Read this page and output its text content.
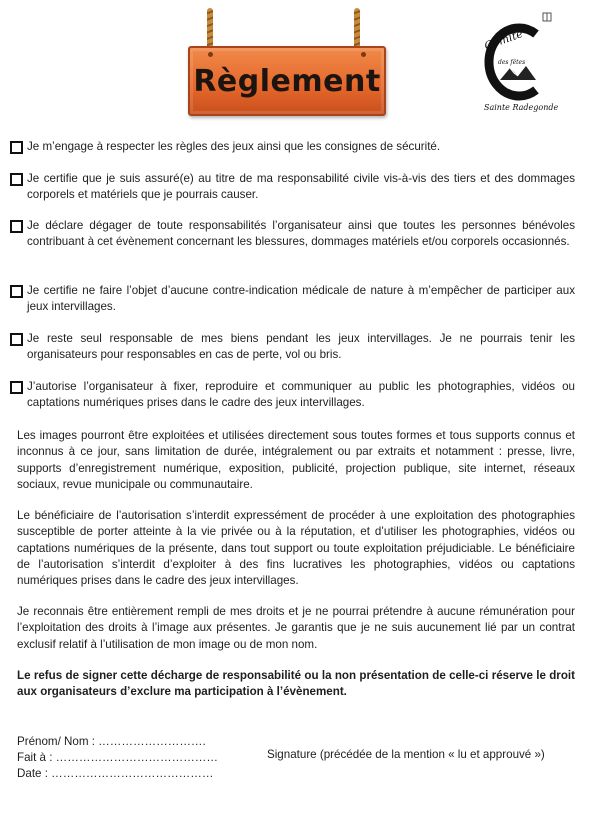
Règlement
Comité
des fêtes
Sainte Radegonde
Je m’engage à respecter les règles des jeux ainsi que les consignes de sécurité.
Je certifie que je suis assuré(e) au titre de ma responsabilité civile vis-à-vis des tiers et des dommages corporels et matériels que je pourrais causer.
Je déclare dégager de toute responsabilités l’organisateur ainsi que toutes les personnes bénévoles contribuant à cet évènement concernant les blessures, dommages matériels et/ou corporels occasionnés.
Je certifie ne faire l’objet d’aucune contre-indication médicale de nature à m’empêcher de participer aux jeux intervillages.
Je reste seul responsable de mes biens pendant les jeux intervillages. Je ne pourrais tenir les organisateurs pour responsables en cas de perte, vol ou bris.
J’autorise l’organisateur à fixer, reproduire et communiquer au public les photographies, vidéos ou captations numériques prises dans le cadre des jeux intervillages.
Les images pourront être exploitées et utilisées directement sous toutes formes et tous supports connus et inconnus à ce jour, sans limitation de durée, intégralement ou par extraits et notamment : presse, livre, supports d’enregistrement numérique, exposition, publicité, projection publique, site internet, réseaux sociaux, revue municipale ou communautaire.
Le bénéficiaire de l’autorisation s’interdit expressément de procéder à une exploitation des photographies susceptible de porter atteinte à la vie privée ou à la réputation, et d’utiliser les photographies, vidéos ou captations numériques de la présente, dans tout support ou toute exploitation préjudiciable. Le bénéficiaire de l’autorisation s’interdit d’exploiter à des fins lucratives les photographies, vidéos ou captations numériques prises dans le cadre des jeux intervillages.
Je reconnais être entièrement rempli de mes droits et je ne pourrai prétendre à aucune rémunération pour l’exploitation des droits à l’image aux présentes. Je garantis que je ne suis aucunement lié par un contrat exclusif relatif à l’utilisation de mon image ou de mon nom.
Le refus de signer cette décharge de responsabilité ou la non présentation de celle-ci réserve le droit aux organisateurs d’exclure ma participation à l’évènement.
Prénom/ Nom : ……………………….
Fait à : ……………………………………
Date : ……………………………………
Signature (précédée de la mention « lu et approuvé »)
